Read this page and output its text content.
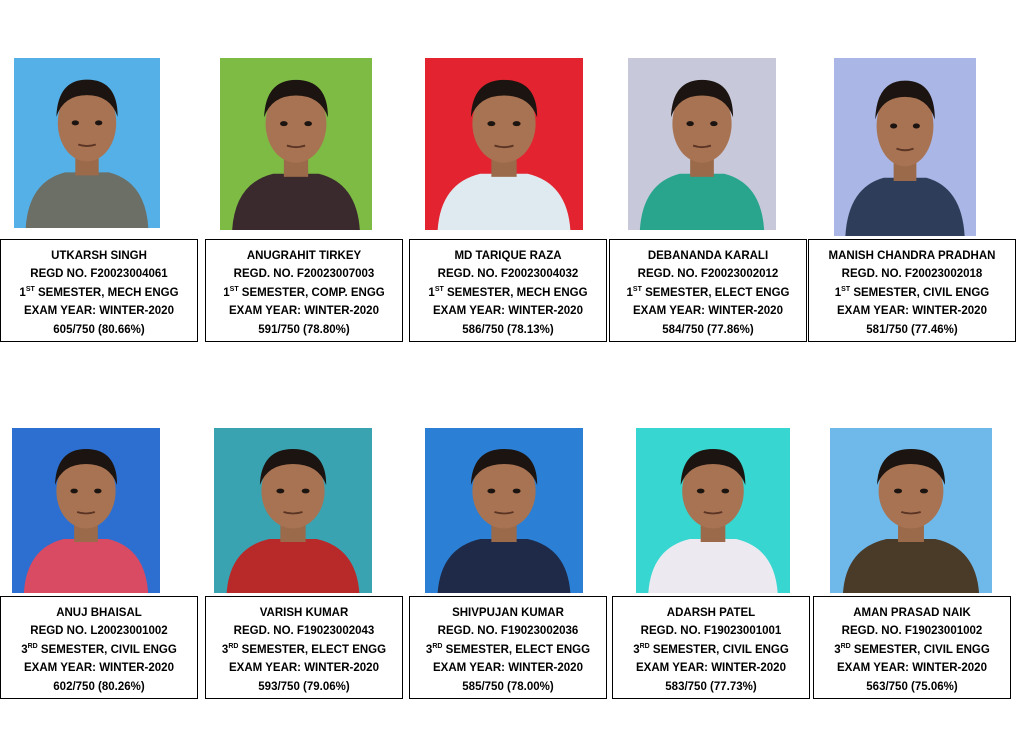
UTKARSH SINGH
REGD NO. F20023004061
1ST SEMESTER, MECH ENGG
EXAM YEAR: WINTER-2020
605/750 (80.66%)
ANUGRAHIT TIRKEY
REGD. NO. F20023007003
1ST SEMESTER, COMP. ENGG
EXAM YEAR: WINTER-2020
591/750 (78.80%)
MD TARIQUE RAZA
REGD. NO. F20023004032
1ST SEMESTER, MECH ENGG
EXAM YEAR: WINTER-2020
586/750 (78.13%)
DEBANANDA KARALI
REGD. NO. F20023002012
1ST SEMESTER, ELECT ENGG
EXAM YEAR: WINTER-2020
584/750 (77.86%)
MANISH CHANDRA PRADHAN
REGD. NO. F20023002018
1ST SEMESTER, CIVIL ENGG
EXAM YEAR: WINTER-2020
581/750 (77.46%)
ANUJ BHAISAL
REGD NO. L20023001002
3RD SEMESTER, CIVIL ENGG
EXAM YEAR: WINTER-2020
602/750 (80.26%)
VARISH KUMAR
REGD. NO. F19023002043
3RD SEMESTER, ELECT ENGG
EXAM YEAR: WINTER-2020
593/750 (79.06%)
SHIVPUJAN KUMAR
REGD. NO. F19023002036
3RD SEMESTER, ELECT ENGG
EXAM YEAR: WINTER-2020
585/750 (78.00%)
ADARSH PATEL
REGD. NO. F19023001001
3RD SEMESTER, CIVIL ENGG
EXAM YEAR: WINTER-2020
583/750 (77.73%)
AMAN PRASAD NAIK
REGD. NO. F19023001002
3RD SEMESTER, CIVIL ENGG
EXAM YEAR: WINTER-2020
563/750 (75.06%)
